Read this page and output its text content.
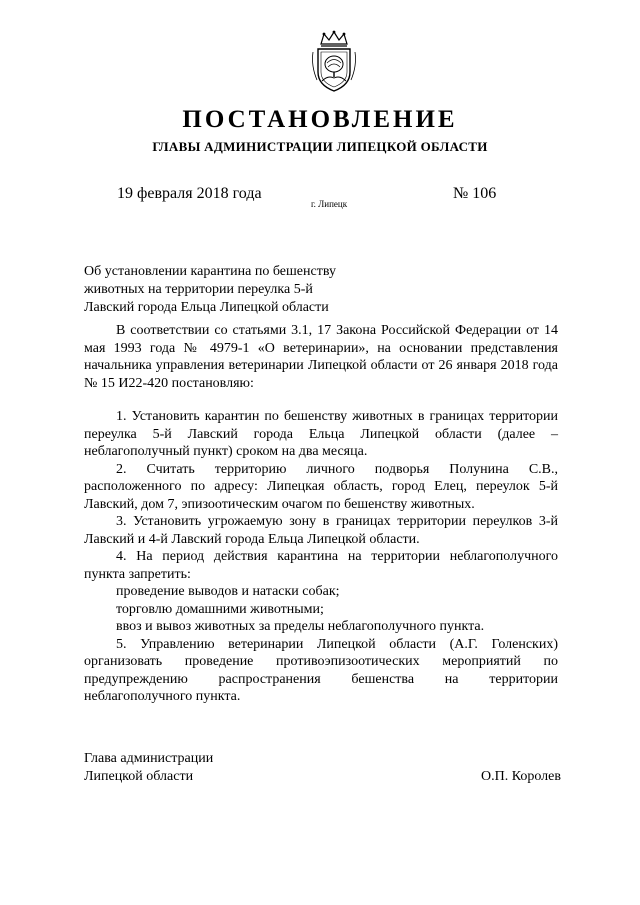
ПОСТАНОВЛЕНИЕ
ГЛАВЫ АДМИНИСТРАЦИИ ЛИПЕЦКОЙ ОБЛАСТИ
19 февраля 2018 года
г. Липецк
№ 106
Об установлении карантина по бешенству
животных на территории переулка 5-й
Лавский города Ельца Липецкой области

В соответствии со статьями 3.1, 17 Закона Российской Федерации от 14 мая 1993 года № 4979-1 «О ветеринарии», на основании представления начальника управления ветеринарии Липецкой области от 26 января 2018 года № 15 И22-420 постановляю:

1. Установить карантин по бешенству животных в границах территории переулка 5-й Лавский города Ельца Липецкой области (далее – неблагополучный пункт) сроком на два месяца.

2. Считать территорию личного подворья Полунина С.В., расположенного по адресу: Липецкая область, город Елец, переулок 5-й Лавский, дом 7, эпизоотическим очагом по бешенству животных.

3. Установить угрожаемую зону в границах территории переулков 3-й Лавский и 4-й Лавский города Ельца Липецкой области.

4. На период действия карантина на территории неблагополучного пункта запретить:

проведение выводов и натаски собак;

торговлю домашними животными;

ввоз и вывоз животных за пределы неблагополучного пункта.

5. Управлению ветеринарии Липецкой области (А.Г. Голенских) организовать проведение противоэпизоотических мероприятий по предупреждению распространения бешенства на территории неблагополучного пункта.

Глава администрации
Липецкой области	О.П. Королев
